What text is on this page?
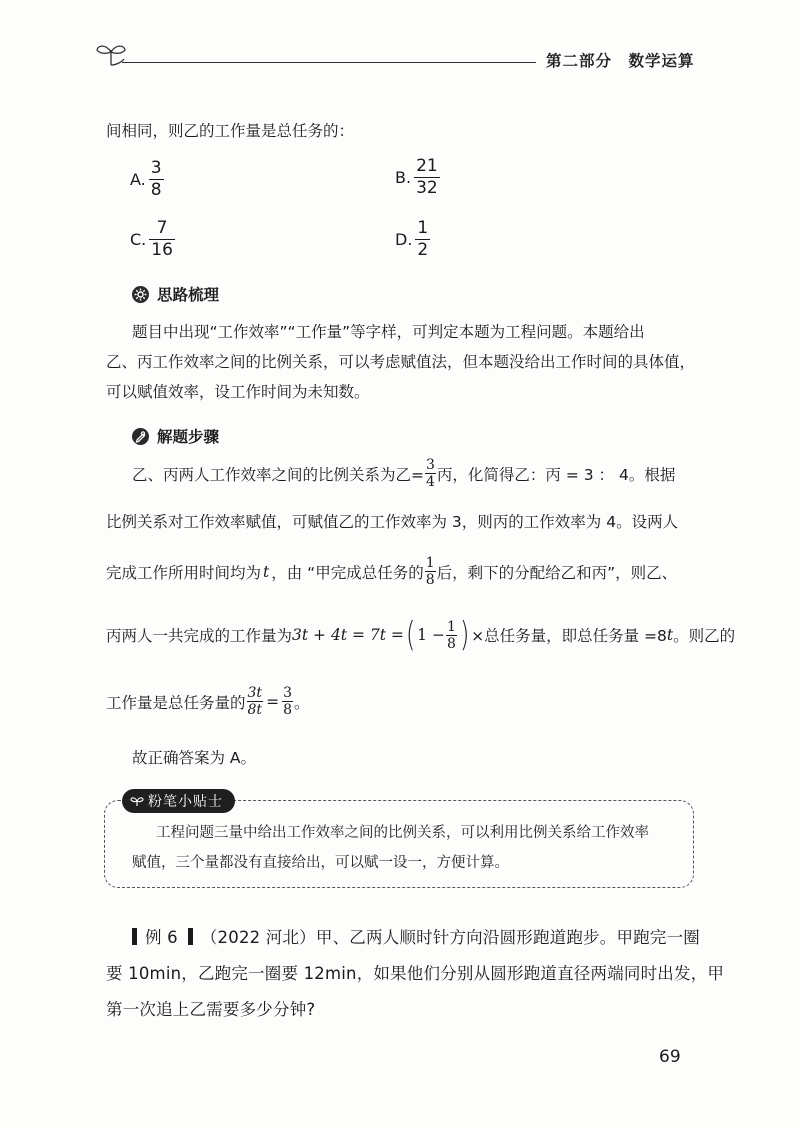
第二部分　数学运算
间相同，则乙的工作量是总任务的：
A. $\frac{3}{8}$	B. $\frac{21}{32}$
C. $\frac{7}{16}$	D. $\frac{1}{2}$
思路梳理
题目中出现“工作效率”“工作量”等字样，可判定本题为工程问题。本题给出
乙、丙工作效率之间的比例关系，可以考虑赋值法，但本题没给出工作时间的具体值，
可以赋值效率，设工作时间为未知数。
解题步骤
乙、丙两人工作效率之间的比例关系为乙= $\frac{3}{4}$ 丙，化简得乙：丙 = 3 ： 4。根据
比例关系对工作效率赋值，可赋值乙的工作效率为 3，则丙的工作效率为 4。设两人
完成工作所用时间均为 t ，由 “甲完成总任务的 $\frac{1}{8}$ 后，剩下的分配给乙和丙”，则乙、
丙两人一共完成的工作量为 3t + 4t = 7t = ( $1 - \frac{1}{8}$ ) ×总任务量，即总任务量 =8 t 。则乙的
工作量是总任务量的 $\frac{3t}{8t} = \frac{3}{8}$ 。
故正确答案为 A。
粉笔小贴士
工程问题三量中给出工作效率之间的比例关系，可以利用比例关系给工作效率
赋值，三个量都没有直接给出，可以赋一设一，方便计算。
例 6 （2022 河北）甲、乙两人顺时针方向沿圆形跑道跑步。甲跑完一圈
要 10min，乙跑完一圈要 12min，如果他们分别从圆形跑道直径两端同时出发，甲
第一次追上乙需要多少分钟?
69
